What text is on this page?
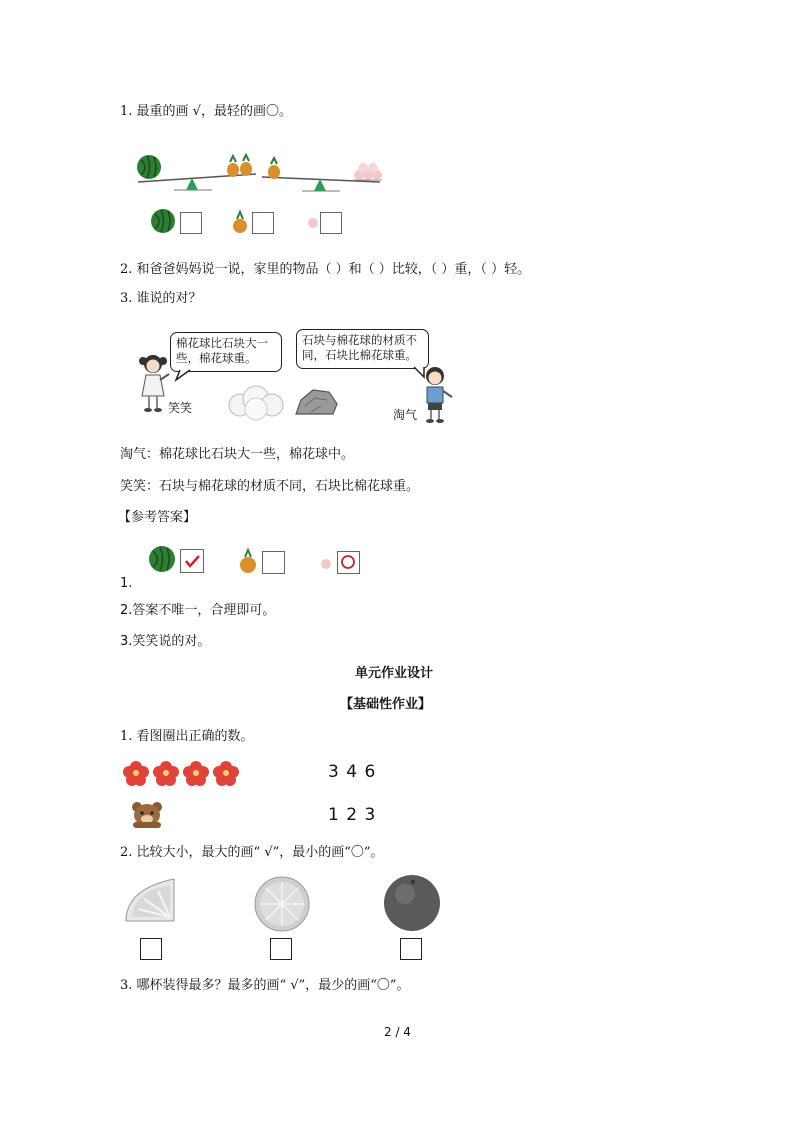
1. 最重的画 √，最轻的画〇。
2. 和爸爸妈妈说一说，家里的物品（ ）和（ ）比较，（ ）重，（ ）轻。
3. 谁说的对？
棉花球比石块大一
些，棉花球重。
石块与棉花球的材质不
同，石块比棉花球重。
笑笑	淘气
淘气：棉花球比石块大一些，棉花球中。
笑笑：石块与棉花球的材质不同，石块比棉花球重。
【参考答案】
1.
2.答案不唯一，合理即可。
3.笑笑说的对。
单元作业设计
【基础性作业】
1. 看图圈出正确的数。
3 4 6
1 2 3
2. 比较大小，最大的画“ √”，最小的画“〇”。
3. 哪杯装得最多？最多的画“ √”，最少的画“〇”。
2 / 4
